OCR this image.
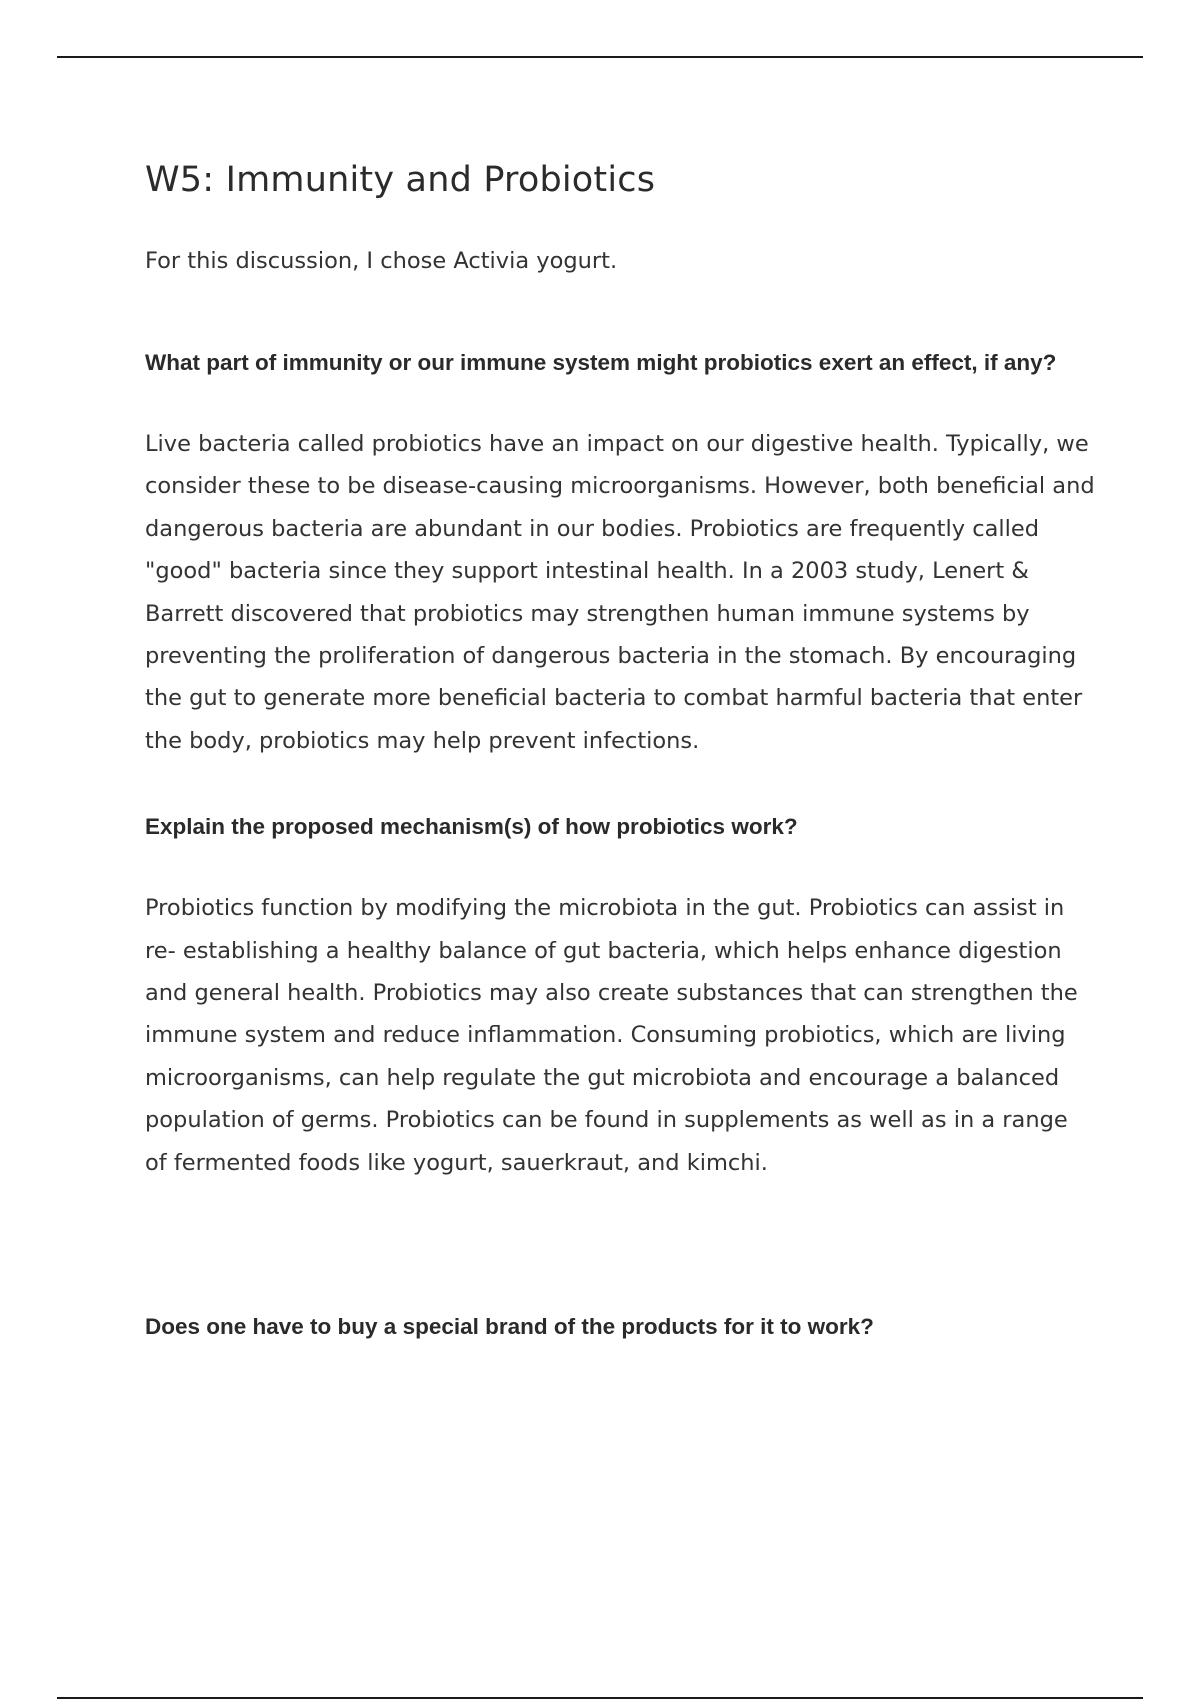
W5: Immunity and Probiotics

For this discussion, I chose Activia yogurt.

What part of immunity or our immune system might probiotics exert an effect, if any?

Live bacteria called probiotics have an impact on our digestive health. Typically, we consider these to be disease-causing microorganisms. However, both beneficial and dangerous bacteria are abundant in our bodies. Probiotics are frequently called "good" bacteria since they support intestinal health. In a 2003 study, Lenert & Barrett discovered that probiotics may strengthen human immune systems by preventing the proliferation of dangerous bacteria in the stomach. By encouraging the gut to generate more beneficial bacteria to combat harmful bacteria that enter the body, probiotics may help prevent infections.

Explain the proposed mechanism(s) of how probiotics work?

Probiotics function by modifying the microbiota in the gut. Probiotics can assist in re- establishing a healthy balance of gut bacteria, which helps enhance digestion and general health. Probiotics may also create substances that can strengthen the immune system and reduce inflammation. Consuming probiotics, which are living microorganisms, can help regulate the gut microbiota and encourage a balanced population of germs. Probiotics can be found in supplements as well as in a range of fermented foods like yogurt, sauerkraut, and kimchi.

Does one have to buy a special brand of the products for it to work?
